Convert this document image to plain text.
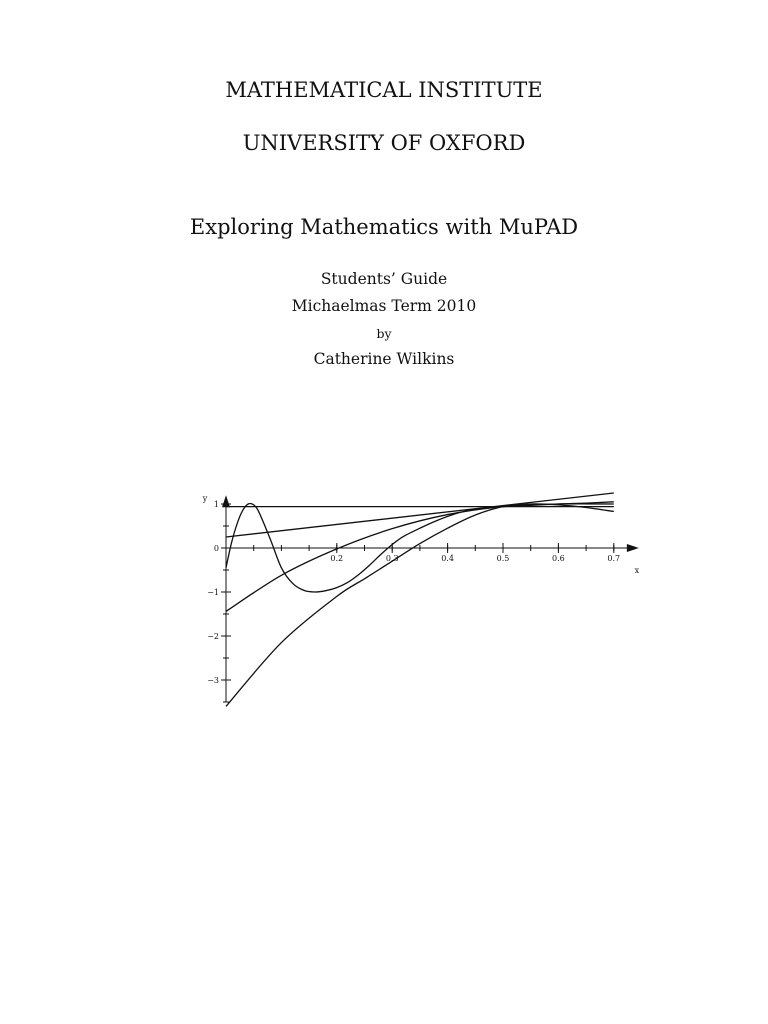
MATHEMATICAL INSTITUTE
UNIVERSITY OF OXFORD
Exploring Mathematics with MuPAD
Students’ Guide
Michaelmas Term 2010
by
Catherine Wilkins
0.2	0.3	0.4	0.5	0.6	0.7
1
0
−1
−2
−3
x
y
